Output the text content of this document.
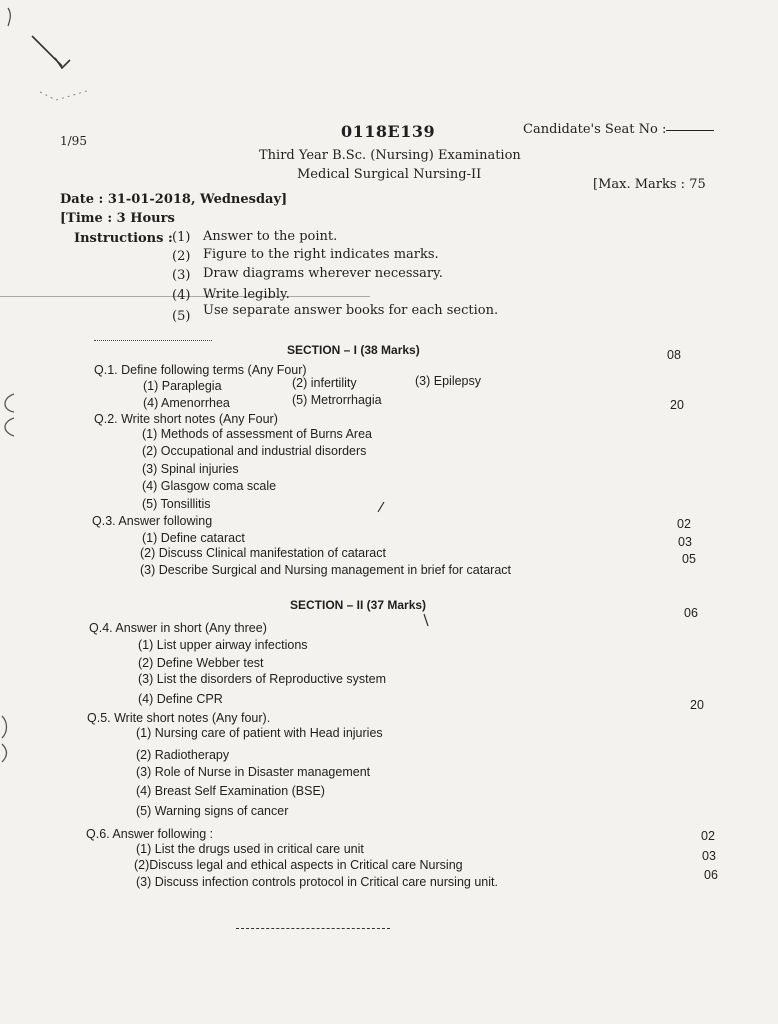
1/95	0118E139	Candidate's Seat No :
Third Year B.Sc. (Nursing) Examination
Medical Surgical Nursing-II
Date : 31-01-2018, Wednesday]
[Max. Marks : 75
[Time : 3 Hours
Instructions : (1) Answer to the point.
(2) Figure to the right indicates marks.
(3) Draw diagrams wherever necessary.
(4) Write legibly.
(5) Use separate answer books for each section.
SECTION – I (38 Marks)	08
Q.1. Define following terms (Any Four)
(1) Paraplegia	(2) infertility	(3) Epilepsy
(4) Amenorrhea	(5) Metrorrhagia	20
Q.2. Write short notes (Any Four)
(1) Methods of assessment of Burns Area
(2) Occupational and industrial disorders
(3) Spinal injuries
(4) Glasgow coma scale
(5) Tonsillitis
Q.3. Answer following	02
(1) Define cataract	03
(2) Discuss Clinical manifestation of cataract	05
(3) Describe Surgical and Nursing management in brief for cataract
SECTION – II (37 Marks)
06
Q.4. Answer in short (Any three)
(1) List upper airway infections
(2) Define Webber test
(3) List the disorders of Reproductive system
(4) Define CPR	20
Q.5. Write short notes (Any four).
(1) Nursing care of patient with Head injuries
(2) Radiotherapy
(3) Role of Nurse in Disaster management
(4) Breast Self Examination (BSE)
(5) Warning signs of cancer
Q.6. Answer following :	02
(1) List the drugs used in critical care unit	03
(2)Discuss legal and ethical aspects in Critical care Nursing
06
(3) Discuss infection controls protocol in Critical care nursing unit.
